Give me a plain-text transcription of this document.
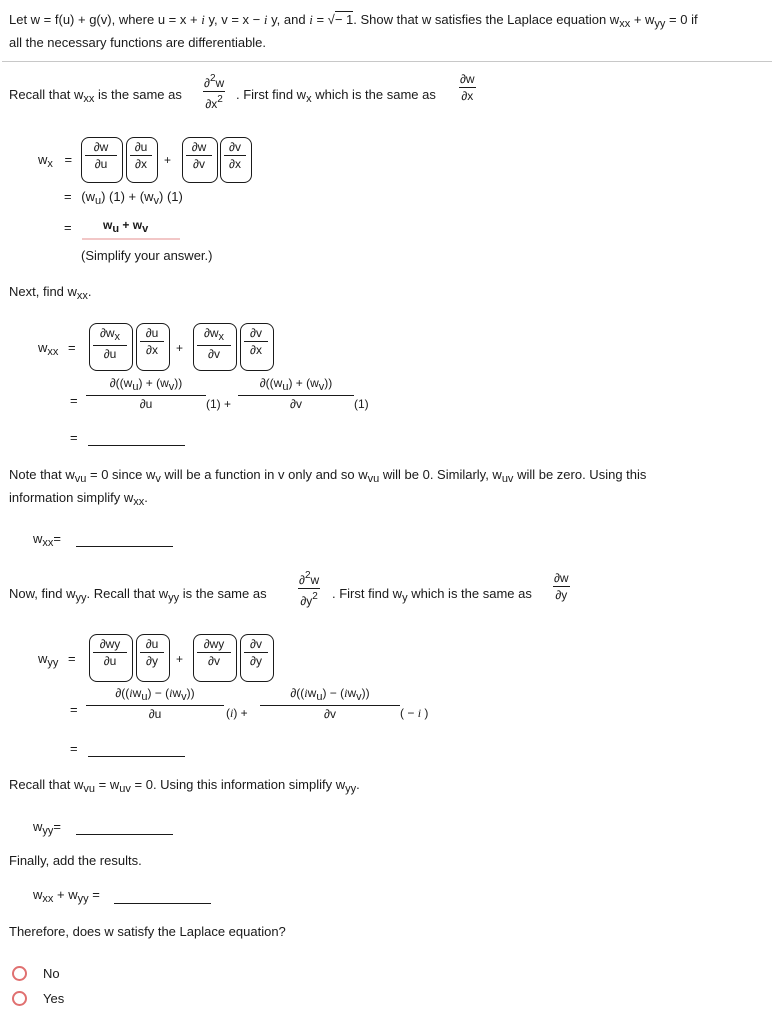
Let w = f(u) + g(v), where u = x + i y, v = x − i y, and i = √− 1. Show that w satisfies the Laplace equation $w_{xx} + w_{yy} = 0$ if
all the necessary functions are differentiable.
Recall that $w_{xx}$ is the same as
∂$^2$w
$\partial x^2$ . First find $w_x$ which is the same as
∂w
∂x
$w_x$ =
∂w
∂u
∂u
∂x +
∂w
∂v
∂v
∂x
= $(w_u) (1) + (w_v)$ (1)
=	wu + wv
(Simplify your answer.)
Next, find $w_{xx}$.
$w_{xx}$ =
∂wx
∂u
∂u
∂x +
∂wx
∂v
∂v
∂x
=
∂((wu) + (wv))
∂u	(1) +
∂((wu) + (wv))
∂v	(1)
=
Note that $w_{vu} = 0$ since $w_v$ will be a function in v only and so $w_{vu}$ will be 0. Similarly, $w_{uv}$ will be zero. Using this
information simplify $w_{xx}$.
$w_{xx}=$
Now, find $w_{yy}$. Recall that $w_{yy}$ is the same as
∂$^2$w
$\partial y^2$ . First find $w_y$ which is the same as
∂w
∂y
$w_{yy}$ =
∂wy
∂u
∂u
∂y +
∂wy
∂v
∂v
∂y
=
∂((iwu) − (iwv))
∂u	(i) +
∂((iwu) − (iwv))
∂v	( − i )
=
Recall that $w_{vu} = w_{uv} = 0$. Using this information simplify $w_{yy}$.
$w_{yy}=$
Finally, add the results.
$w_{xx} + w_{yy}$ =
Therefore, does w satisfy the Laplace equation?
No
Yes
